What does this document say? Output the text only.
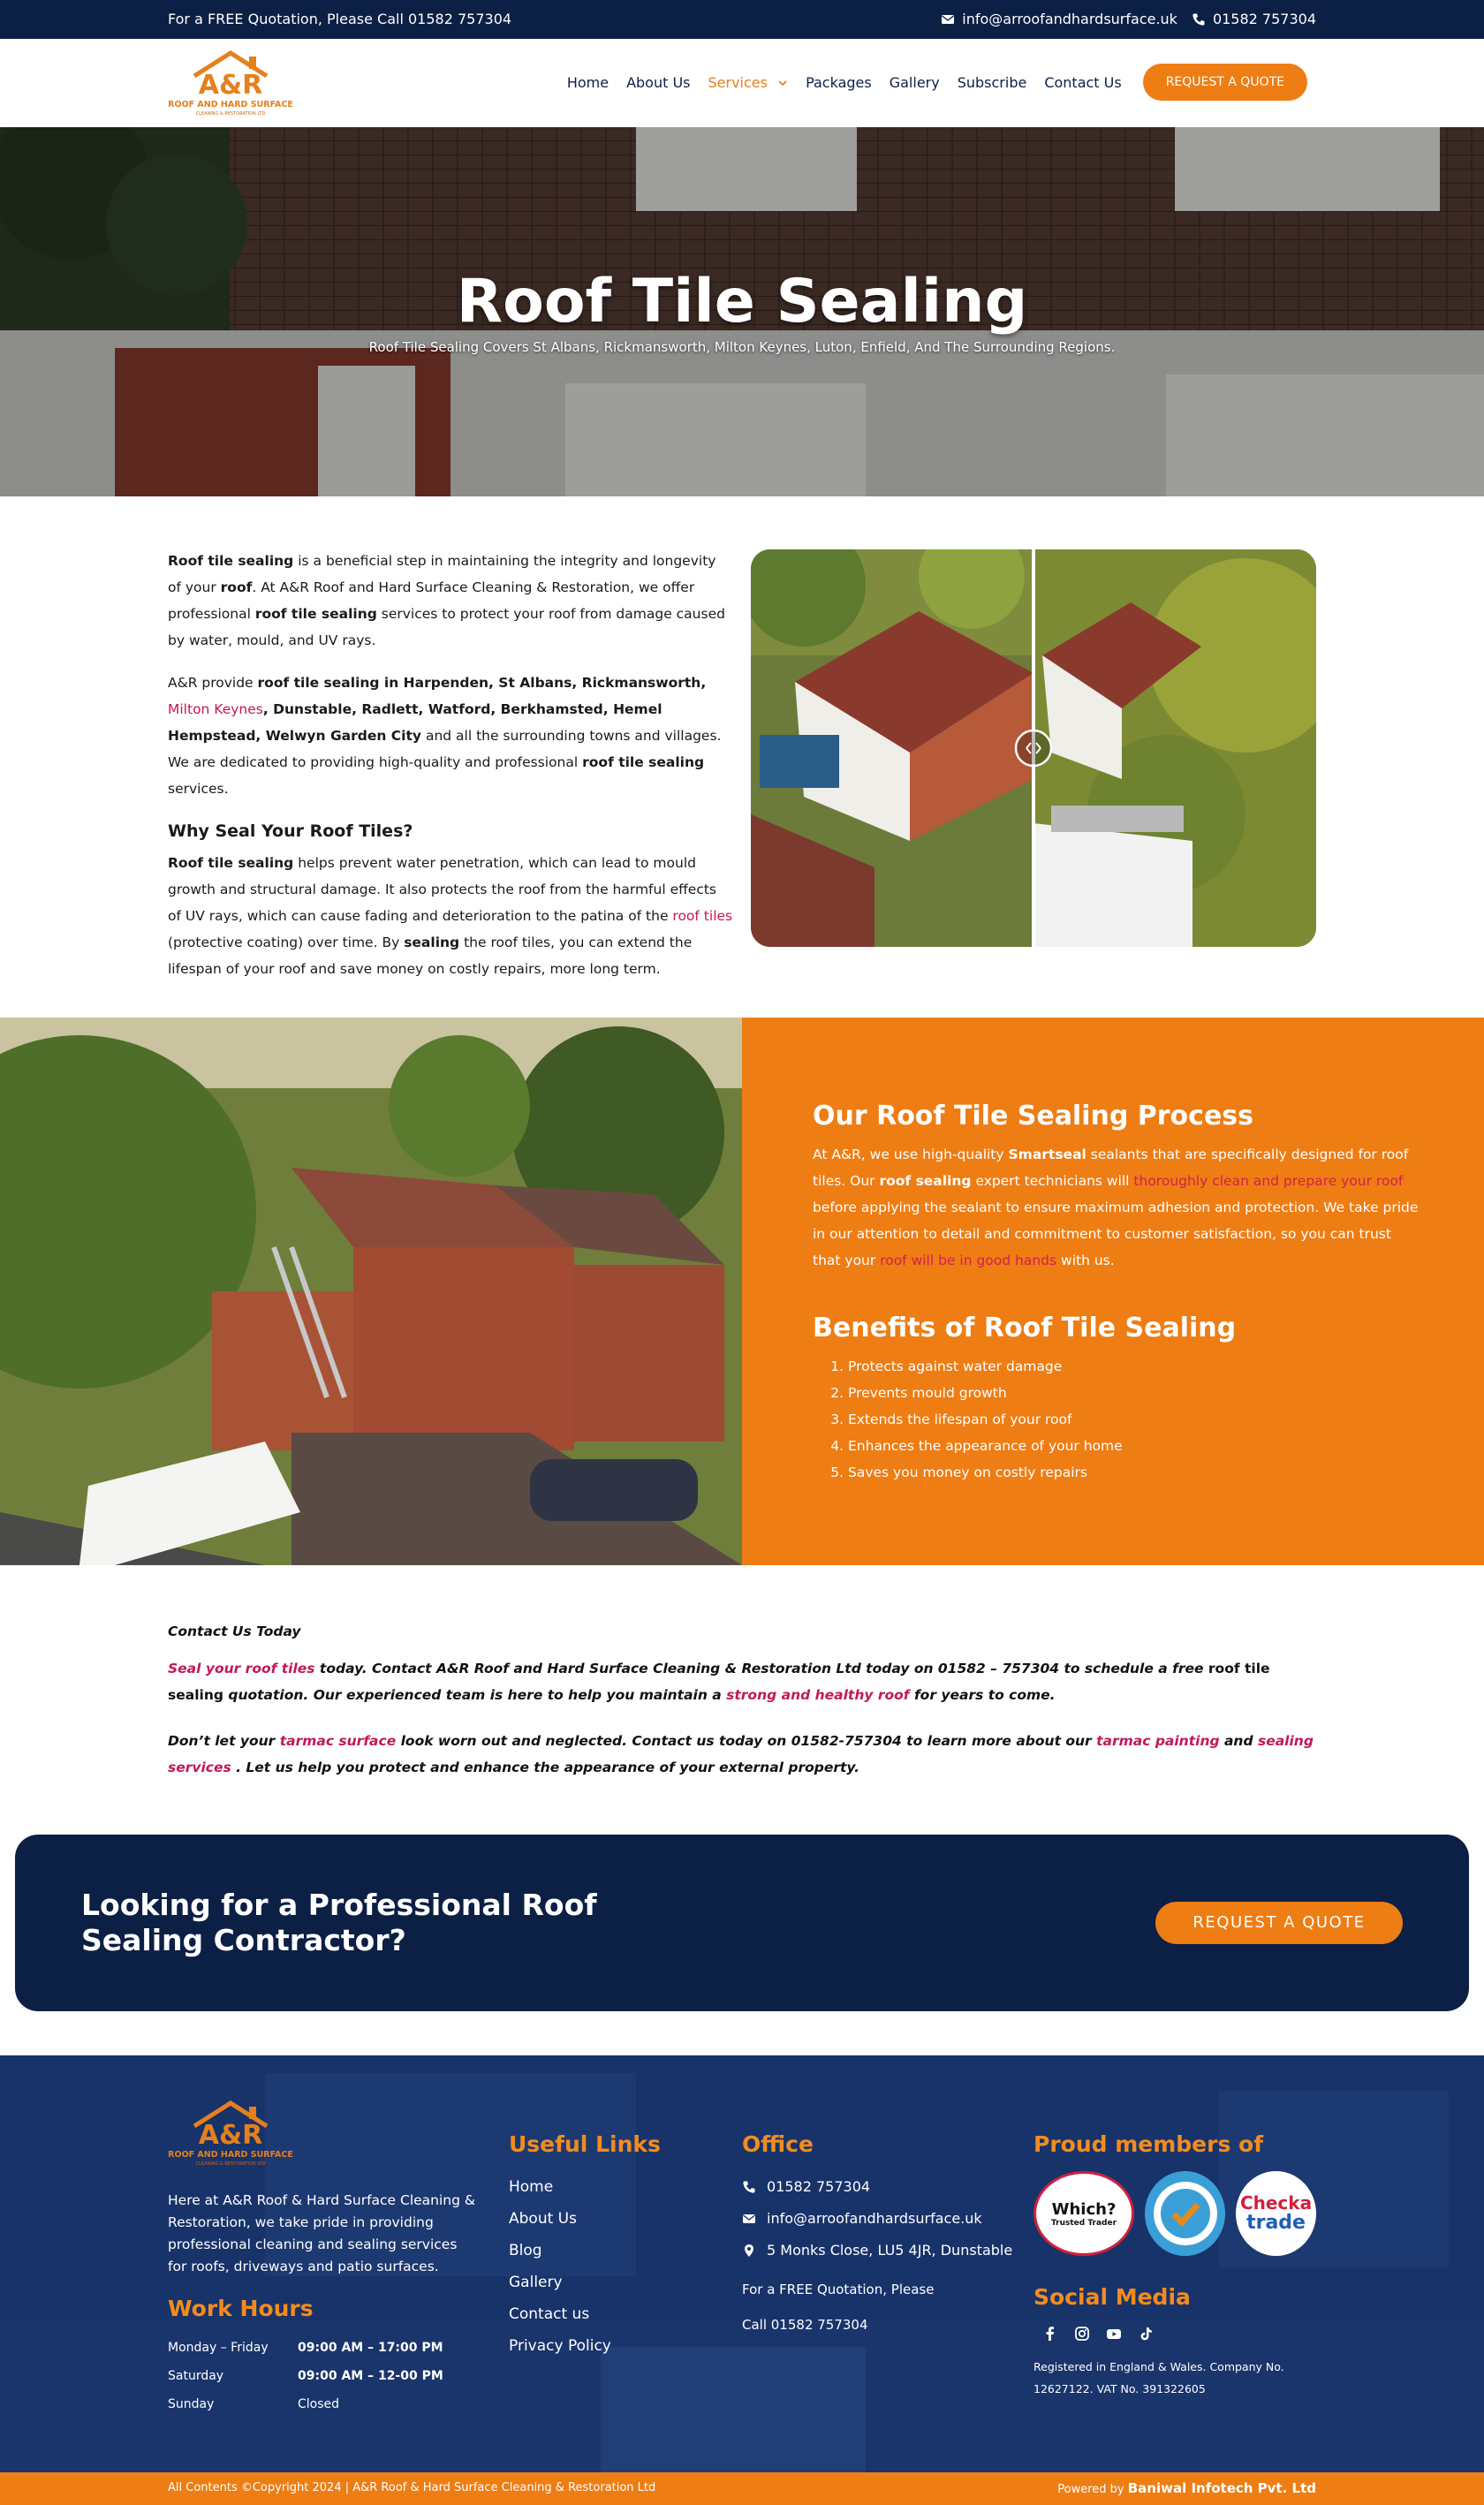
For a FREE Quotation, Please Call 01582 757304	info@arroofandhardsurface.uk	01582 757304
A&R
ROOF AND HARD SURFACE
CLEANING & RESTORATION LTD
Home About Us Services	Packages Gallery Subscribe Contact Us	REQUEST A QUOTE
Roof Tile Sealing
Roof Tile Sealing Covers St Albans, Rickmansworth, Milton Keynes, Luton, Enfield, And The Surrounding Regions.

Roof tile sealing is a beneficial step in maintaining the integrity and longevity of your roof. At A&R Roof and Hard Surface Cleaning & Restoration, we offer professional roof tile sealing services to protect your roof from damage caused by water, mould, and UV rays.

A&R provide roof tile sealing in Harpenden, St Albans, Rickmansworth, Milton Keynes, Dunstable, Radlett, Watford, Berkhamsted, Hemel Hempstead, Welwyn Garden City and all the surrounding towns and villages. We are dedicated to providing high-quality and professional roof tile sealing services.

Why Seal Your Roof Tiles?

Roof tile sealing helps prevent water penetration, which can lead to mould growth and structural damage. It also protects the roof from the harmful effects of UV rays, which can cause fading and deterioration to the patina of the roof tiles (protective coating) over time. By sealing the roof tiles, you can extend the lifespan of your roof and save money on costly repairs, more long term.

Our Roof Tile Sealing Process

At A&R, we use high-quality Smartseal sealants that are specifically designed for roof tiles. Our roof sealing expert technicians will thoroughly clean and prepare your roof before applying the sealant to ensure maximum adhesion and protection. We take pride in our attention to detail and commitment to customer satisfaction, so you can trust that your roof will be in good hands with us.

Benefits of Roof Tile Sealing
1. Protects against water damage
2. Prevents mould growth
3. Extends the lifespan of your roof
4. Enhances the appearance of your home
5. Saves you money on costly repairs

Contact Us Today

Seal your roof tiles today. Contact A&R Roof and Hard Surface Cleaning & Restoration Ltd today on 01582 – 757304 to schedule a free roof tile sealing quotation. Our experienced team is here to help you maintain a strong and healthy roof for years to come.

Don’t let your tarmac surface look worn out and neglected. Contact us today on 01582-757304 to learn more about our tarmac painting and sealing services . Let us help you protect and enhance the appearance of your external property.

Looking for a Professional Roof Sealing Contractor?
REQUEST A QUOTE
A&R
ROOF AND HARD SURFACE
CLEANING & RESTORATION LTD
Here at A&R Roof & Hard Surface Cleaning & Restoration, we take pride in providing professional cleaning and sealing services for roofs, driveways and patio surfaces.
Work Hours
Monday – Friday	09:00 AM – 17:00 PM
Saturday	09:00 AM – 12-00 PM
Sunday	Closed
Useful Links
Home
About Us
Blog
Gallery
Contact us
Privacy Policy
Office
01582 757304
info@arroofandhardsurface.uk
5 Monks Close, LU5 4JR, Dunstable
For a FREE Quotation, Please
Call 01582 757304
Proud members of
Which?
Trusted Trader
Checka
trade
Social Media
Registered in England & Wales. Company No. 12627122. VAT No. 391322605
All Contents ©Copyright 2024 | A&R Roof & Hard Surface Cleaning & Restoration Ltd	Powered by Baniwal Infotech Pvt. Ltd
